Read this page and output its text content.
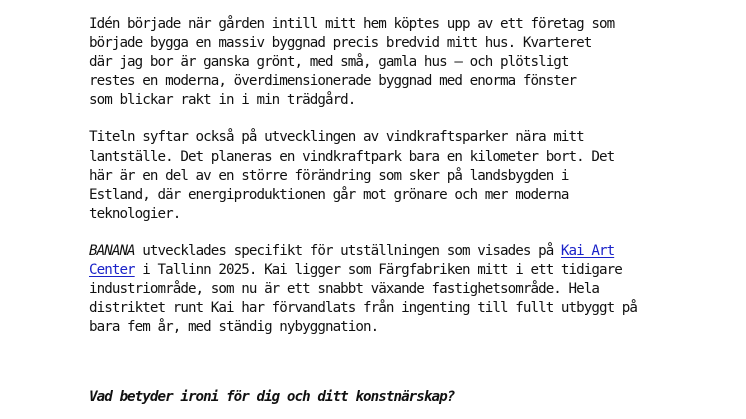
Idén började när gården intill mitt hem köptes upp av ett företag som
började bygga en massiv byggnad precis bredvid mitt hus. Kvarteret
där jag bor är ganska grönt, med små, gamla hus – och plötsligt
restes en moderna, överdimensionerade byggnad med enorma fönster
som blickar rakt in i min trädgård.

Titeln syftar också på utvecklingen av vindkraftsparker nära mitt
lantställe. Det planeras en vindkraftpark bara en kilometer bort. Det
här är en del av en större förändring som sker på landsbygden i
Estland, där energiproduktionen går mot grönare och mer moderna
teknologier.

BANANA utvecklades specifikt för utställningen som visades på Kai Art
Center i Tallinn 2025. Kai ligger som Färgfabriken mitt i ett tidigare
industriområde, som nu är ett snabbt växande fastighetsområde. Hela
distriktet runt Kai har förvandlats från ingenting till fullt utbyggt på
bara fem år, med ständig nybyggnation.

Vad betyder ironi för dig och ditt konstnärskap?
